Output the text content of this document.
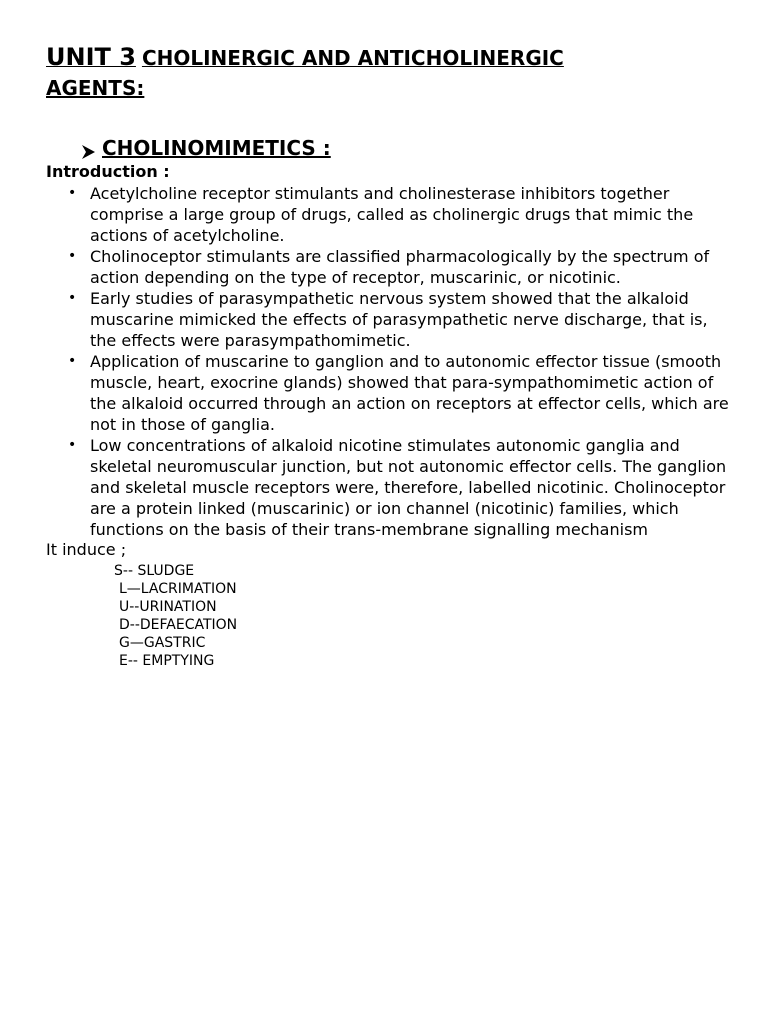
UNIT 3 CHOLINERGIC AND ANTICHOLINERGIC

AGENTS:

CHOLINOMIMETICS :

Introduction :

• Acetylcholine receptor stimulants and cholinesterase inhibitors together comprise a large group of drugs, called as cholinergic drugs that mimic the actions of acetylcholine.
• Cholinoceptor stimulants are classified pharmacologically by the spectrum of action depending on the type of receptor, muscarinic, or nicotinic.
• Early studies of parasympathetic nervous system showed that the alkaloid muscarine mimicked the effects of parasympathetic nerve discharge, that is, the effects were parasympathomimetic.
• Application of muscarine to ganglion and to autonomic effector tissue (smooth muscle, heart, exocrine glands) showed that para-sympathomimetic action of the alkaloid occurred through an action on receptors at effector cells, which are not in those of ganglia.
• Low concentrations of alkaloid nicotine stimulates autonomic ganglia and skeletal neuromuscular junction, but not autonomic effector cells. The ganglion and skeletal muscle receptors were, therefore, labelled nicotinic. Cholinoceptor are a protein linked (muscarinic) or ion channel (nicotinic) families, which functions on the basis of their trans-membrane signalling mechanism

It induce ;

S-- SLUDGE
L—LACRIMATION
U--URINATION
D--DEFAECATION
G—GASTRIC
E-- EMPTYING
